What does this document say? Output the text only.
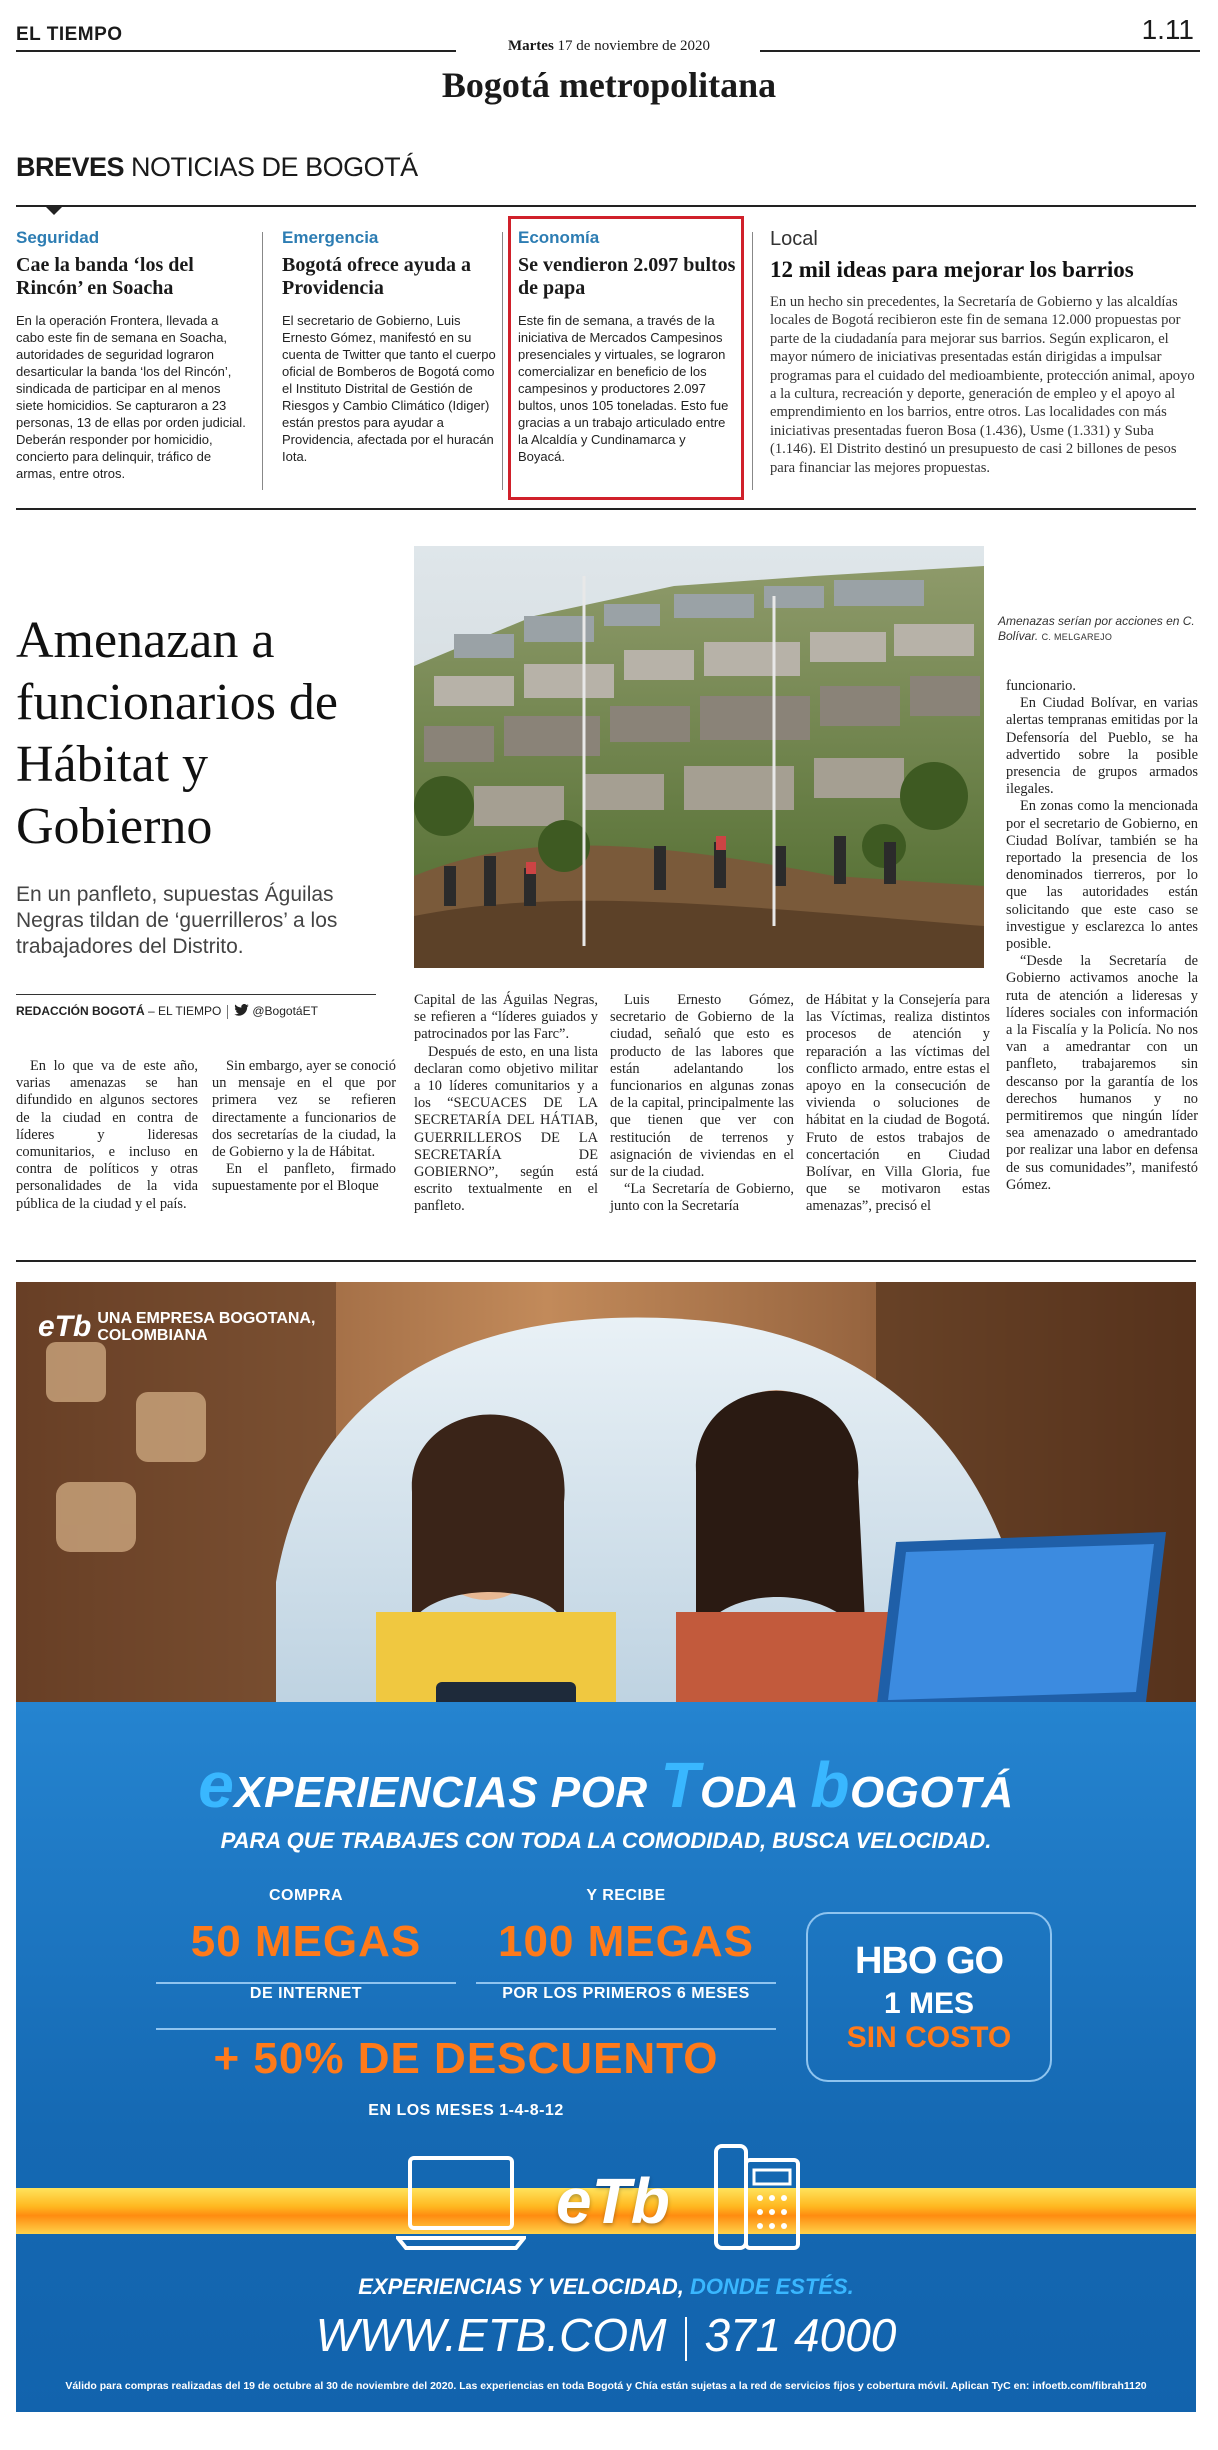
EL TIEMPO
Martes 17 de noviembre de 2020
1.11
Bogotá metropolitana
BREVES NOTICIAS DE BOGOTÁ
Seguridad
Cae la banda ‘los del Rincón’ en Soacha
En la operación Frontera, llevada a cabo este fin de semana en Soacha, autoridades de seguridad lograron desarticular la banda ‘los del Rincón’, sindicada de participar en al menos siete homicidios. Se capturaron a 23 personas, 13 de ellas por orden judicial. Deberán responder por homicidio, concierto para delinquir, tráfico de armas, entre otros.
Emergencia
Bogotá ofrece ayuda a Providencia
El secretario de Gobierno, Luis Ernesto Gómez, manifestó en su cuenta de Twitter que tanto el cuerpo oficial de Bomberos de Bogotá como el Instituto Distrital de Gestión de Riesgos y Cambio Climático (Idiger) están prestos para ayudar a Providencia, afectada por el huracán Iota.
Economía
Se vendieron 2.097 bultos de papa
Este fin de semana, a través de la iniciativa de Mercados Campesinos presenciales y virtuales, se lograron comercializar en beneficio de los campesinos y productores 2.097 bultos, unos 105 toneladas. Esto fue gracias a un trabajo articulado entre la Alcaldía y Cundinamarca y Boyacá.
Local
12 mil ideas para mejorar los barrios
En un hecho sin precedentes, la Secretaría de Gobierno y las alcaldías locales de Bogotá recibieron este fin de semana 12.000 propuestas por parte de la ciudadanía para mejorar sus barrios. Según explicaron, el mayor número de iniciativas presentadas están dirigidas a impulsar programas para el cuidado del medioambiente, protección animal, apoyo a la cultura, recreación y deporte, generación de empleo y el apoyo al emprendimiento en los barrios, entre otros. Las localidades con más iniciativas presentadas fueron Bosa (1.436), Usme (1.331) y Suba (1.146). El Distrito destinó un presupuesto de casi 2 billones de pesos para financiar las mejores propuestas.
Amenazan a funcionarios de Hábitat y Gobierno
En un panfleto, supuestas Águilas Negras tildan de ‘guerrilleros’ a los trabajadores del Distrito.
REDACCIÓN BOGOTÁ – EL TIEMPO	@BogotáET
Amenazas serían por acciones en C. Bolívar. C. MELGAREJO

En lo que va de este año, varias amenazas se han difundido en algunos sectores de la ciudad en contra de líderes y lideresas comunitarios, e incluso en contra de políticos y otras personalidades de la vida pública de la ciudad y el país.

Sin embargo, ayer se conoció un mensaje en el que por primera vez se refieren directamente a funcionarios de dos secretarías de la ciudad, la de Gobierno y la de Hábitat.

En el panfleto, firmado supuestamente por el Bloque

Capital de las Águilas Negras, se refieren a “líderes guiados y patrocinados por las Farc”.

Después de esto, en una lista declaran como objetivo militar a 10 líderes comunitarios y a los “SECUACES DE LA SECRETARÍA DEL HÁTIAB, GUERRILLEROS DE LA SECRETARÍA DE GOBIERNO”, según está escrito textualmente en el panfleto.

Luis Ernesto Gómez, secretario de Gobierno de la ciudad, señaló que esto es producto de las labores que están adelantando los funcionarios en algunas zonas de la capital, principalmente las que tienen que ver con restitución de terrenos y asignación de viviendas en el sur de la ciudad.

“La Secretaría de Gobierno, junto con la Secretaría

de Hábitat y la Consejería para las Víctimas, realiza distintos procesos de atención y reparación a las víctimas del conflicto armado, entre estas el apoyo en la consecución de vivienda o soluciones de hábitat en la ciudad de Bogotá. Fruto de estos trabajos de concertación en Ciudad Bolívar, en Villa Gloria, fue que se motivaron estas amenazas”, precisó el

funcionario.

En Ciudad Bolívar, en varias alertas tempranas emitidas por la Defensoría del Pueblo, se ha advertido sobre la posible presencia de grupos armados ilegales.

En zonas como la mencionada por el secretario de Gobierno, en Ciudad Bolívar, también se ha reportado la presencia de los denominados tierreros, por lo que las autoridades están solicitando que este caso se investigue y esclarezca lo antes posible.

“Desde la Secretaría de Gobierno activamos anoche la ruta de atención a lideresas y líderes sociales con información a la Fiscalía y la Policía. No nos van a amedrantar con un panfleto, trabajaremos sin descanso por la garantía de los derechos humanos y no permitiremos que ningún líder sea amenazado o amedrantado por realizar una labor en defensa de sus comunidades”, manifestó Gómez.

eTb UNA EMPRESA BOGOTANA,
COLOMBIANA
eXPERIENCIAS POR TODA bOGOTÁ
PARA QUE TRABAJES CON TODA LA COMODIDAD, BUSCA VELOCIDAD.
COMPRA
50 MEGAS
DE INTERNET
Y RECIBE
100 MEGAS
POR LOS PRIMEROS 6 MESES
+ 50% DE DESCUENTO
EN LOS MESES 1-4-8-12
HBO GO
1 MES
SIN COSTO
eTb
EXPERIENCIAS Y VELOCIDAD, DONDE ESTÉS.
WWW.ETB.COM 371 4000
Válido para compras realizadas del 19 de octubre al 30 de noviembre del 2020. Las experiencias en toda Bogotá y Chía están sujetas a la red de servicios fijos y cobertura móvil. Aplican TyC en: infoetb.com/fibrah1120
